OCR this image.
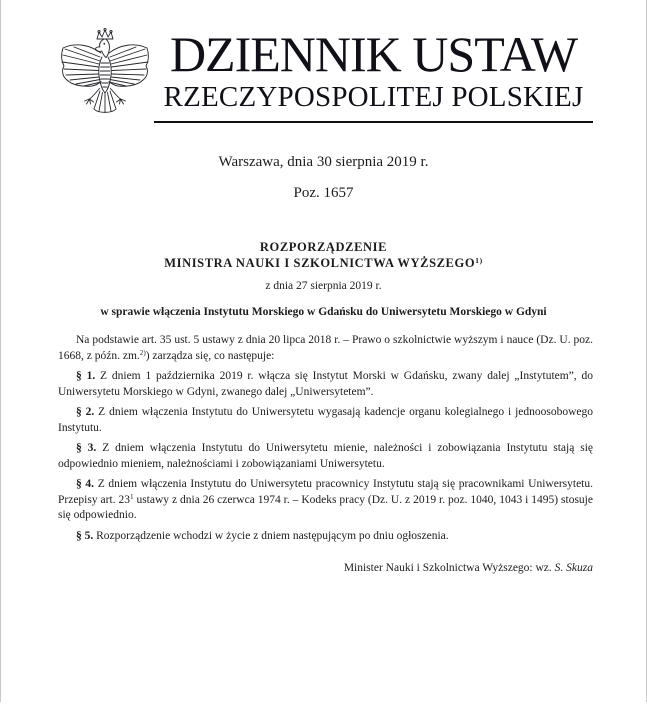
DZIENNIK USTAW
RZECZYPOSPOLITEJ POLSKIEJ
Warszawa, dnia 30 sierpnia 2019 r.
Poz. 1657
ROZPORZĄDZENIE
MINISTRA NAUKI I SZKOLNICTWA WYŻSZEGO$^{1)}$
z dnia 27 sierpnia 2019 r.
w sprawie włączenia Instytutu Morskiego w Gdańsku do Uniwersytetu Morskiego w Gdyni

Na podstawie art. 35 ust. 5 ustawy z dnia 20 lipca 2018 r. – Prawo o szkolnictwie wyższym i nauce (Dz. U. poz. 1668, z późn. zm.$^{2)}$) zarządza się, co następuje:

§ 1. Z dniem 1 października 2019 r. włącza się Instytut Morski w Gdańsku, zwany dalej „Instytutem”, do Uniwersytetu Morskiego w Gdyni, zwanego dalej „Uniwersytetem”.

§ 2. Z dniem włączenia Instytutu do Uniwersytetu wygasają kadencje organu kolegialnego i jednoosobowego Instytutu.

§ 3. Z dniem włączenia Instytutu do Uniwersytetu mienie, należności i zobowiązania Instytutu stają się odpowiednio mieniem, należnościami i zobowiązaniami Uniwersytetu.

§ 4. Z dniem włączenia Instytutu do Uniwersytetu pracownicy Instytutu stają się pracownikami Uniwersytetu. Przepisy art. $23^1$ ustawy z dnia 26 czerwca 1974 r. – Kodeks pracy (Dz. U. z 2019 r. poz. 1040, 1043 i 1495) stosuje się odpowiednio.

§ 5. Rozporządzenie wchodzi w życie z dniem następującym po dniu ogłoszenia.

Minister Nauki i Szkolnictwa Wyższego: wz. S. Skuza
